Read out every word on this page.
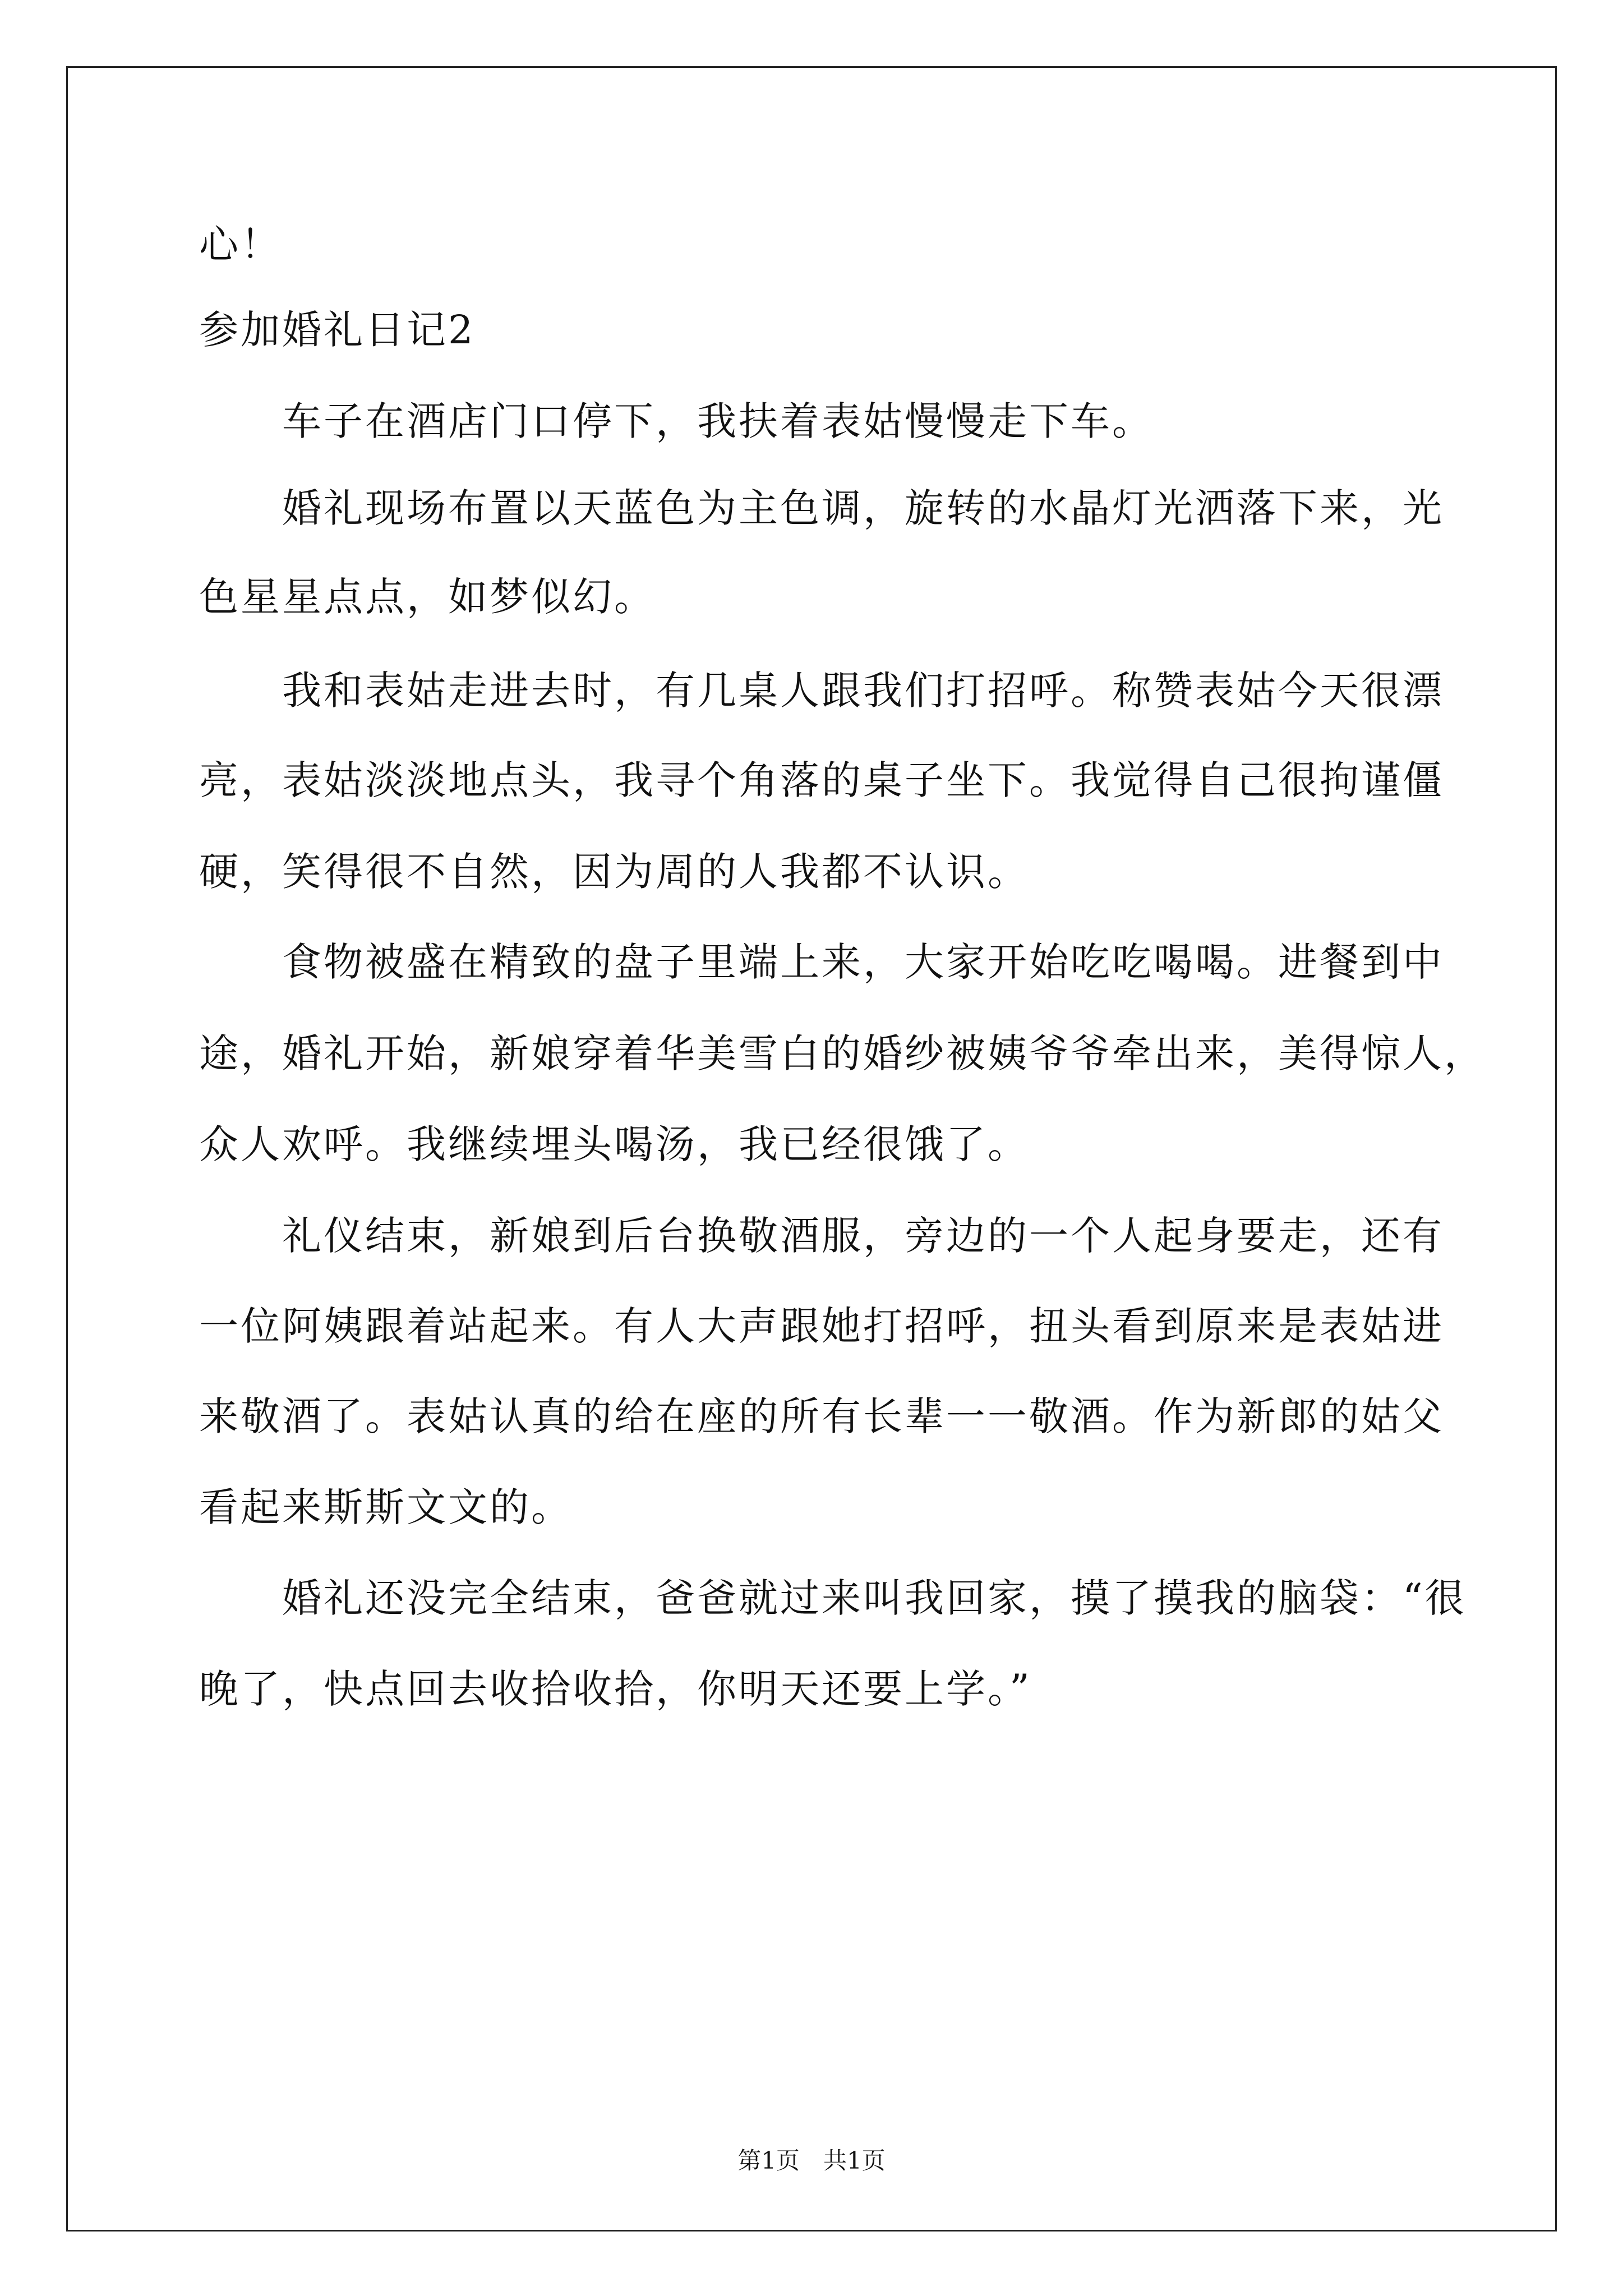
心！
参加婚礼日记2
　　车子在酒店门口停下，我扶着表姑慢慢走下车。
　　婚礼现场布置以天蓝色为主色调，旋转的水晶灯光洒落下来，光
色星星点点，如梦似幻。
　　我和表姑走进去时，有几桌人跟我们打招呼。称赞表姑今天很漂
亮，表姑淡淡地点头，我寻个角落的桌子坐下。我觉得自己很拘谨僵
硬，笑得很不自然，因为周的人我都不认识。
　　食物被盛在精致的盘子里端上来，大家开始吃吃喝喝。进餐到中
途，婚礼开始，新娘穿着华美雪白的婚纱被姨爷爷牵出来，美得惊人，
众人欢呼。我继续埋头喝汤，我已经很饿了。
　　礼仪结束，新娘到后台换敬酒服，旁边的一个人起身要走，还有
一位阿姨跟着站起来。有人大声跟她打招呼，扭头看到原来是表姑进
来敬酒了。表姑认真的给在座的所有长辈一一敬酒。作为新郎的姑父
看起来斯斯文文的。
　　婚礼还没完全结束，爸爸就过来叫我回家，摸了摸我的脑袋：“很
晚了，快点回去收拾收拾，你明天还要上学。”
第1页　共1页
